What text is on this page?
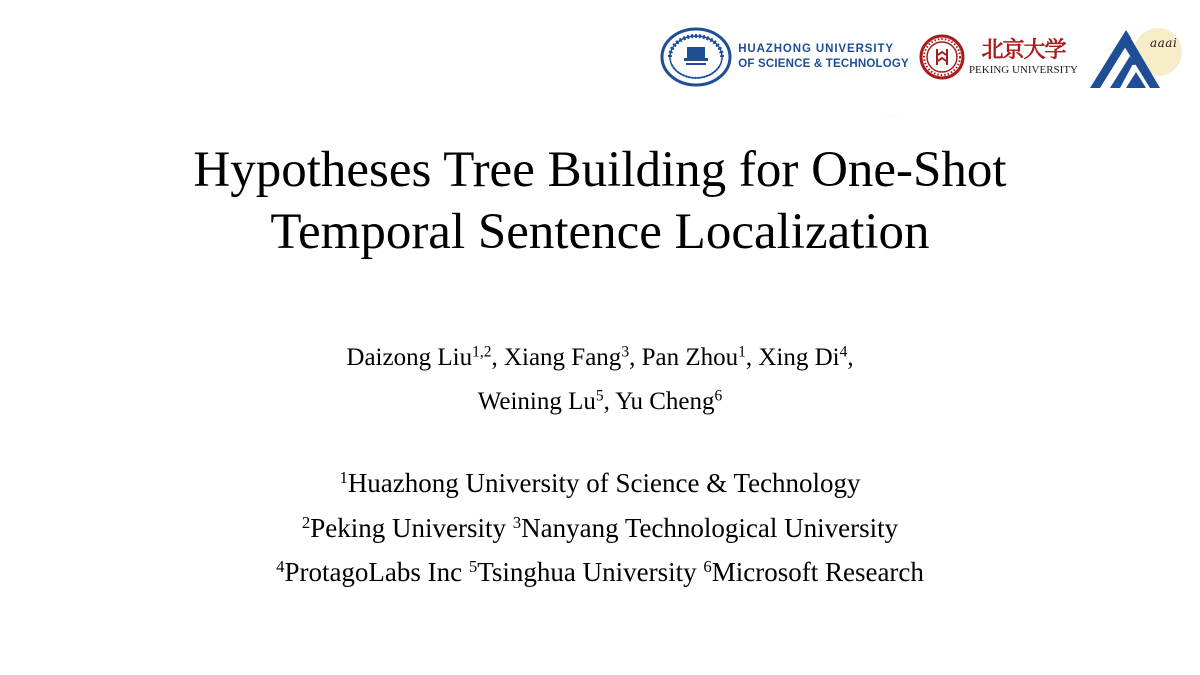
HUAZHONG UNIVERSITY
OF SCIENCE & TECHNOLOGY
北京大学
PEKING UNIVERSITY
aaai
· · · ·
Hypotheses Tree Building for One-Shot
Temporal Sentence Localization
Daizong Liu$^{1,2}$, Xiang Fang$^3$, Pan Zhou$^1$, Xing Di$^4$,
Weining Lu$^5$, Yu Cheng$^6$
$^1$Huazhong University of Science & Technology
$^2$Peking University $^3$Nanyang Technological University
$^4$ProtagoLabs Inc $^5$Tsinghua University $^6$Microsoft Research
